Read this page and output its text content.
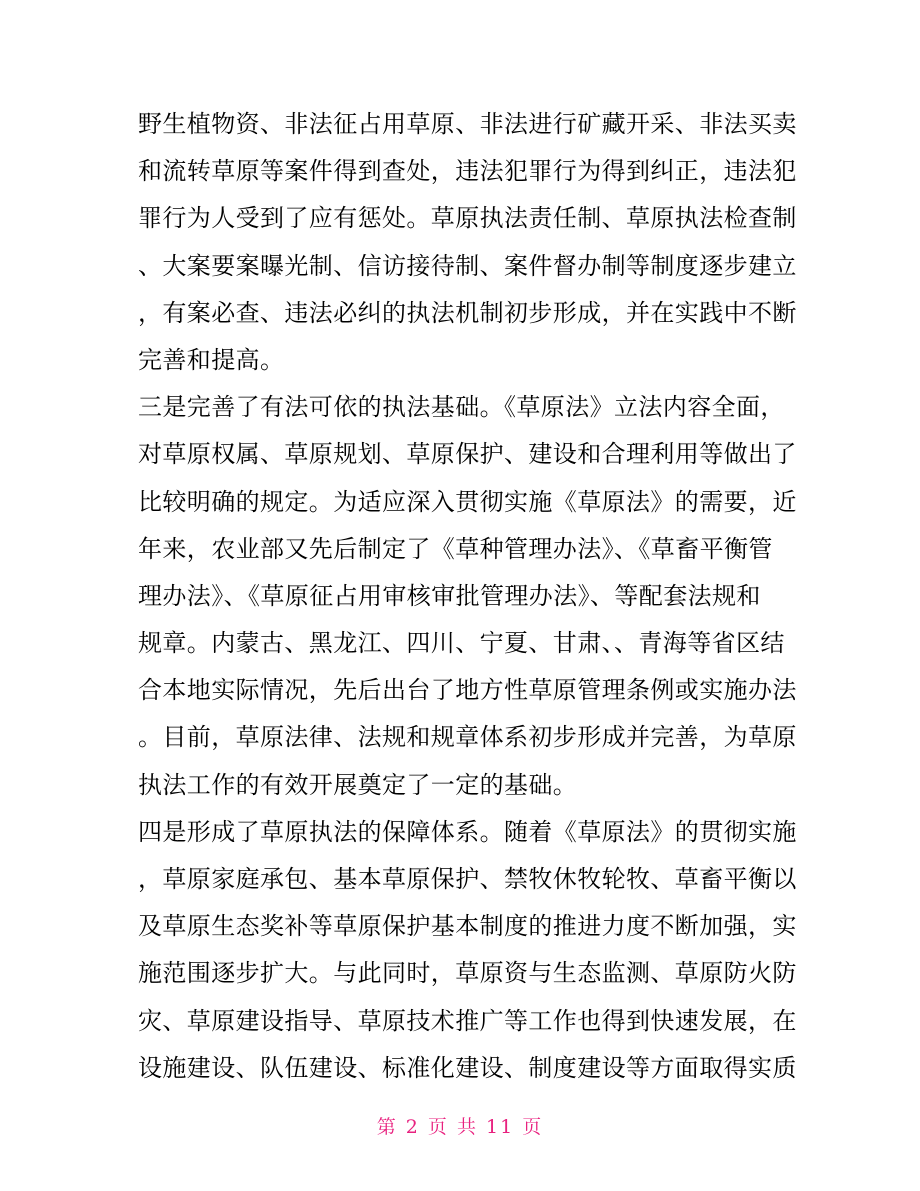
野生植物资、非法征占用草原、非法进行矿藏开采、非法买卖
和流转草原等案件得到查处，违法犯罪行为得到纠正，违法犯
罪行为人受到了应有惩处。草原执法责任制、草原执法检查制
、大案要案曝光制、信访接待制、案件督办制等制度逐步建立
，有案必查、违法必纠的执法机制初步形成，并在实践中不断
完善和提高。
三是完善了有法可依的执法基础。《草原法》立法内容全面，
对草原权属、草原规划、草原保护、建设和合理利用等做出了
比较明确的规定。为适应深入贯彻实施《草原法》的需要，近
年来，农业部又先后制定了《草种管理办法》、《草畜平衡管
理办法》、《草原征占用审核审批管理办法》、等配套法规和
规章。内蒙古、黑龙江、四川、宁夏、甘肃、、青海等省区结
合本地实际情况，先后出台了地方性草原管理条例或实施办法
。目前，草原法律、法规和规章体系初步形成并完善，为草原
执法工作的有效开展奠定了一定的基础。
四是形成了草原执法的保障体系。随着《草原法》的贯彻实施
，草原家庭承包、基本草原保护、禁牧休牧轮牧、草畜平衡以
及草原生态奖补等草原保护基本制度的推进力度不断加强，实
施范围逐步扩大。与此同时，草原资与生态监测、草原防火防
灾、草原建设指导、草原技术推广等工作也得到快速发展，在
设施建设、队伍建设、标准化建设、制度建设等方面取得实质
第 2 页 共 11 页
